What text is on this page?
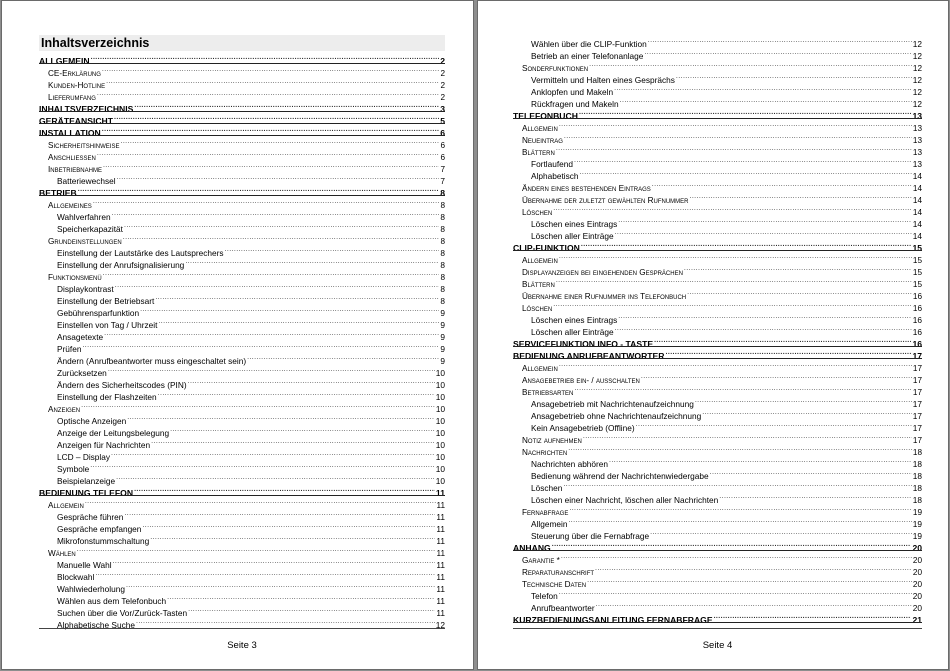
Inhaltsverzeichnis
ALLGEMEIN .....	2
CE-Erklärung .....	2
Kunden-Hotline .....	2
Lieferumfang .....	2
INHALTSVERZEICHNIS .....	3
GERÄTEANSICHT .....	5
INSTALLATION .....	6
Sicherheitshinweise .....	6
Anschliessen .....	6
Inbetriebnahme .....	7
Batteriewechsel .....	7
BETRIEB .....	8
Allgemeines .....	8
Wahlverfahren .....	8
Speicherkapazität .....	8
Grundeinstellungen .....	8
Einstellung der Lautstärke des Lautsprechers .....	8
Einstellung der Anrufsignalisierung .....	8
Funktionsmenü .....	8
Displaykontrast .....	8
Einstellung der Betriebsart .....	8
Gebührensparfunktion .....	9
Einstellen von Tag / Uhrzeit .....	9
Ansagetexte .....	9
Prüfen .....	9
Ändern (Anrufbeantworter muss eingeschaltet sein) .....	9
Zurücksetzen .....	10
Ändern des Sicherheitscodes (PIN) .....	10
Einstellung der Flashzeiten .....	10
Anzeigen .....	10
Optische Anzeigen .....	10
Anzeige der Leitungsbelegung .....	10
Anzeigen für Nachrichten .....	10
LCD – Display .....	10
Symbole .....	10
Beispielanzeige .....	10
BEDIENUNG TELEFON .....	11
Allgemein .....	11
Gespräche führen .....	11
Gespräche empfangen .....	11
Mikrofonstummschaltung .....	11
Wählen .....	11
Manuelle Wahl .....	11
Blockwahl .....	11
Wahlwiederholung .....	11
Wählen aus dem Telefonbuch .....	11
Suchen über die Vor/Zurück-Tasten .....	11
Alphabetische Suche .....	12
Seite 3
Wählen über die CLIP-Funktion .....	12
Betrieb an einer Telefonanlage .....	12
Sonderfunktionen .....	12
Vermitteln und Halten eines Gesprächs .....	12
Anklopfen und Makeln .....	12
Rückfragen und Makeln .....	12
TELEFONBUCH .....	13
Allgemein .....	13
Neueintrag .....	13
Blättern .....	13
Fortlaufend .....	13
Alphabetisch .....	14
Ändern eines bestehenden Eintrags .....	14
Übernahme der zuletzt gewählten Rufnummer .....	14
Löschen .....	14
Löschen eines Eintrags .....	14
Löschen aller Einträge .....	14
CLIP-FUNKTION .....	15
Allgemein .....	15
Displayanzeigen bei eingehenden Gesprächen .....	15
Blättern .....	15
Übernahme einer Rufnummer ins Telefonbuch .....	16
Löschen .....	16
Löschen eines Eintrags .....	16
Löschen aller Einträge .....	16
SERVICEFUNKTION INFO - TASTE .....	16
BEDIENUNG ANRUFBEANTWORTER .....	17
Allgemein .....	17
Ansagebetrieb ein- / ausschalten .....	17
Betriebsarten .....	17
Ansagebetrieb mit Nachrichtenaufzeichnung .....	17
Ansagebetrieb ohne Nachrichtenaufzeichnung .....	17
Kein Ansagebetrieb (Offline) .....	17
Notiz aufnehmen .....	17
Nachrichten .....	18
Nachrichten abhören .....	18
Bedienung während der Nachrichtenwiedergabe .....	18
Löschen .....	18
Löschen einer Nachricht, löschen aller Nachrichten .....	18
Fernabfrage .....	19
Allgemein .....	19
Steuerung über die Fernabfrage .....	19
ANHANG .....	20
Garantie * .....	20
Reparaturanschrift .....	20
Technische Daten .....	20
Telefon .....	20
Anrufbeantworter .....	20
KURZBEDIENUNGSANLEITUNG FERNABFRAGE .....	21
Seite 4
